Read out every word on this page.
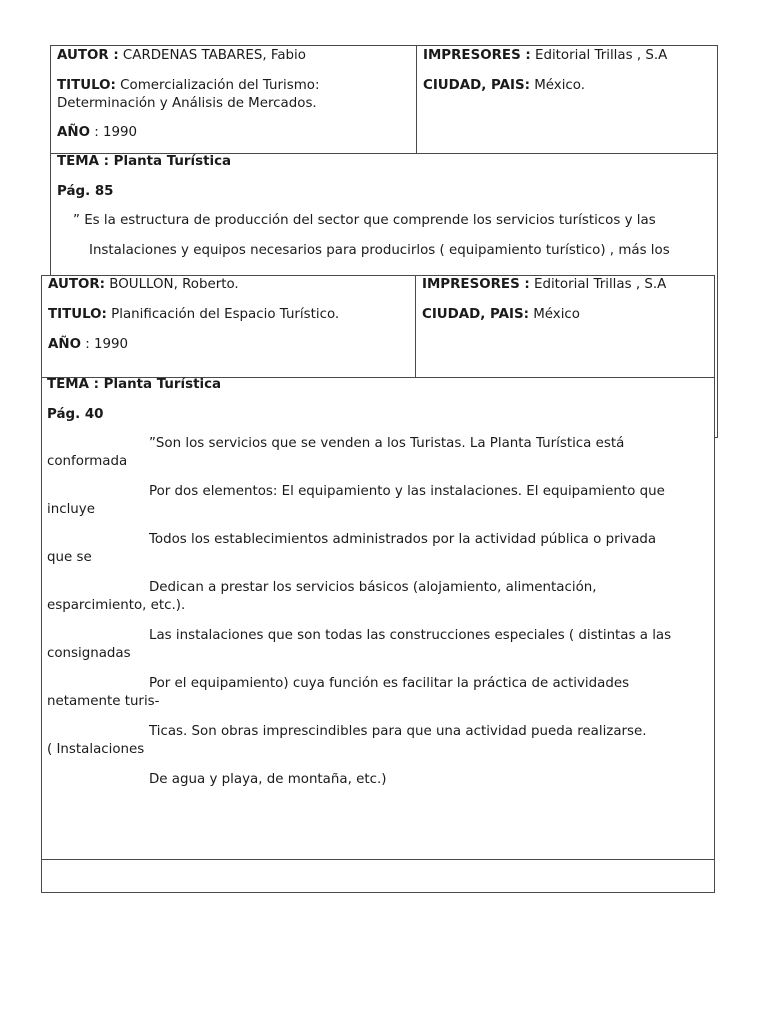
AUTOR : CARDENAS TABARES, Fabio
TITULO: Comercialización del Turismo:
Determinación y Análisis de Mercados.
AÑO : 1990
IMPRESORES : Editorial Trillas , S.A
CIUDAD, PAIS: México.
TEMA : Planta Turística
Pág. 85
” Es la estructura de producción del sector que comprende los servicios turísticos y las
Instalaciones y equipos necesarios para producirlos ( equipamiento turístico) , más los
AUTOR: BOULLON, Roberto.
TITULO: Planificación del Espacio Turístico.
AÑO : 1990
IMPRESORES : Editorial Trillas , S.A
CIUDAD, PAIS: México
TEMA : Planta Turística
Pág. 40
”Son los servicios que se venden a los Turistas. La Planta Turística está
conformada
Por dos elementos: El equipamiento y las instalaciones. El equipamiento que
incluye
Todos los establecimientos administrados por la actividad pública o privada
que se
Dedican a prestar los servicios básicos (alojamiento, alimentación,
esparcimiento, etc.).
Las instalaciones que son todas las construcciones especiales ( distintas a las
consignadas
Por el equipamiento) cuya función es facilitar la práctica de actividades
netamente turis-
Ticas. Son obras imprescindibles para que una actividad pueda realizarse.
( Instalaciones
De agua y playa, de montaña, etc.)
